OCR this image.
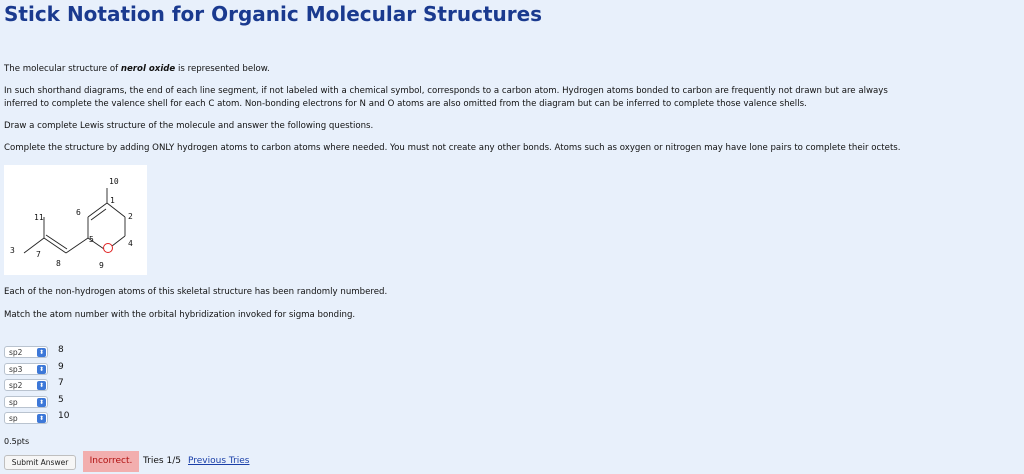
Stick Notation for Organic Molecular Structures
The molecular structure of nerol oxide is represented below.
In such shorthand diagrams, the end of each line segment, if not labeled with a chemical symbol, corresponds to a carbon atom. Hydrogen atoms bonded to carbon are frequently not drawn but are always
inferred to complete the valence shell for each C atom. Non-bonding electrons for N and O atoms are also omitted from the diagram but can be inferred to complete those valence shells.
Draw a complete Lewis structure of the molecule and answer the following questions.
Complete the structure by adding ONLY hydrogen atoms to carbon atoms where needed. You must not create any other bonds. Atoms such as oxygen or nitrogen may have lone pairs to complete their octets.
10
1
2
4
5
6
11
3	7
8	9
Each of the non-hydrogen atoms of this skeletal structure has been randomly numbered.
Match the atom number with the orbital hybridization invoked for sigma bonding.
sp2	⬍ 8
sp3	⬍ 9
sp2	⬍ 7
sp	⬍ 5
sp	⬍ 10
0.5pts
Submit Answer	Incorrect.	Tries 1/5 Previous Tries
